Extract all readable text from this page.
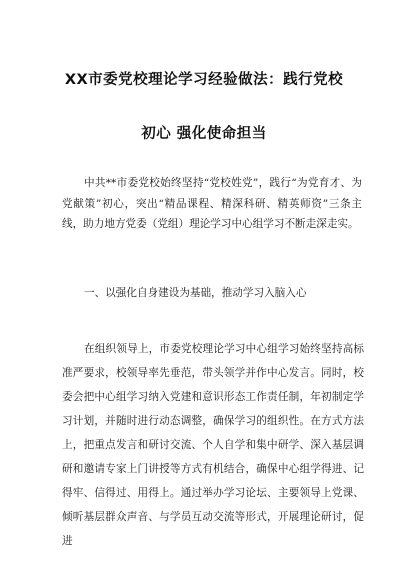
XX市委党校理论学习经验做法：践行党校
初心 强化使命担当
中共**市委党校始终坚持“党校姓党”，践行“为党育才、为党献策”初心，突出“精品课程、精深科研、精英师资”三条主线，助力地方党委（党组）理论学习中心组学习不断走深走实。
一、以强化自身建设为基础，推动学习入脑入心
在组织领导上，市委党校理论学习中心组学习始终坚持高标准严要求，校领导率先垂范，带头领学并作中心发言。同时，校委会把中心组学习纳入党建和意识形态工作责任制，年初制定学习计划，并随时进行动态调整，确保学习的组织性。在方式方法上，把重点发言和研讨交流、个人自学和集中研学、深入基层调研和邀请专家上门讲授等方式有机结合，确保中心组学得进、记得牢、信得过、用得上。通过举办学习论坛、主要领导上党课、倾听基层群众声音、与学员互动交流等形式，开展理论研讨，促进
